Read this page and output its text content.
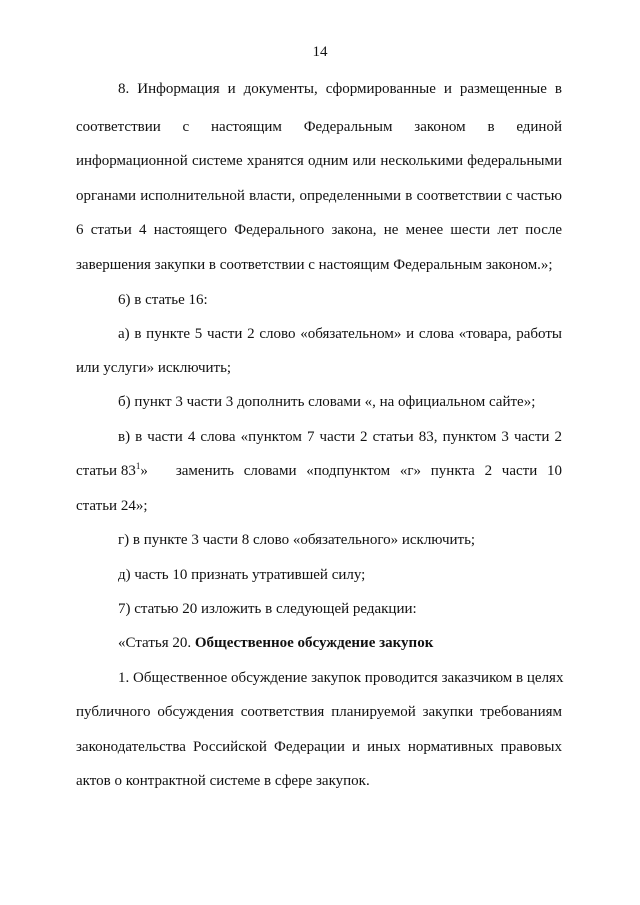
14
8. Информация и документы, сформированные и размещенные в
соответствии с настоящим Федеральным законом в единой
информационной системе хранятся одним или несколькими федеральными
органами исполнительной власти, определенными в соответствии с частью
6 статьи 4 настоящего Федерального закона, не менее шести лет после
завершения закупки в соответствии с настоящим Федеральным законом.»;
6) в статье 16:
а) в пункте 5 части 2 слово «обязательном» и слова «товара, работы
или услуги» исключить;
б) пункт 3 части 3 дополнить словами «, на официальном сайте»;
в) в части 4 слова «пунктом 7 части 2 статьи 83, пунктом 3 части 2
статьи $83^1$» заменить словами «подпунктом «г» пункта 2 части 10
статьи 24»;
г) в пункте 3 части 8 слово «обязательного» исключить;
д) часть 10 признать утратившей силу;
7) статью 20 изложить в следующей редакции:
«Статья 20. Общественное обсуждение закупок
1. Общественное обсуждение закупок проводится заказчиком в целях
публичного обсуждения соответствия планируемой закупки требованиям
законодательства Российской Федерации и иных нормативных правовых
актов о контрактной системе в сфере закупок.
